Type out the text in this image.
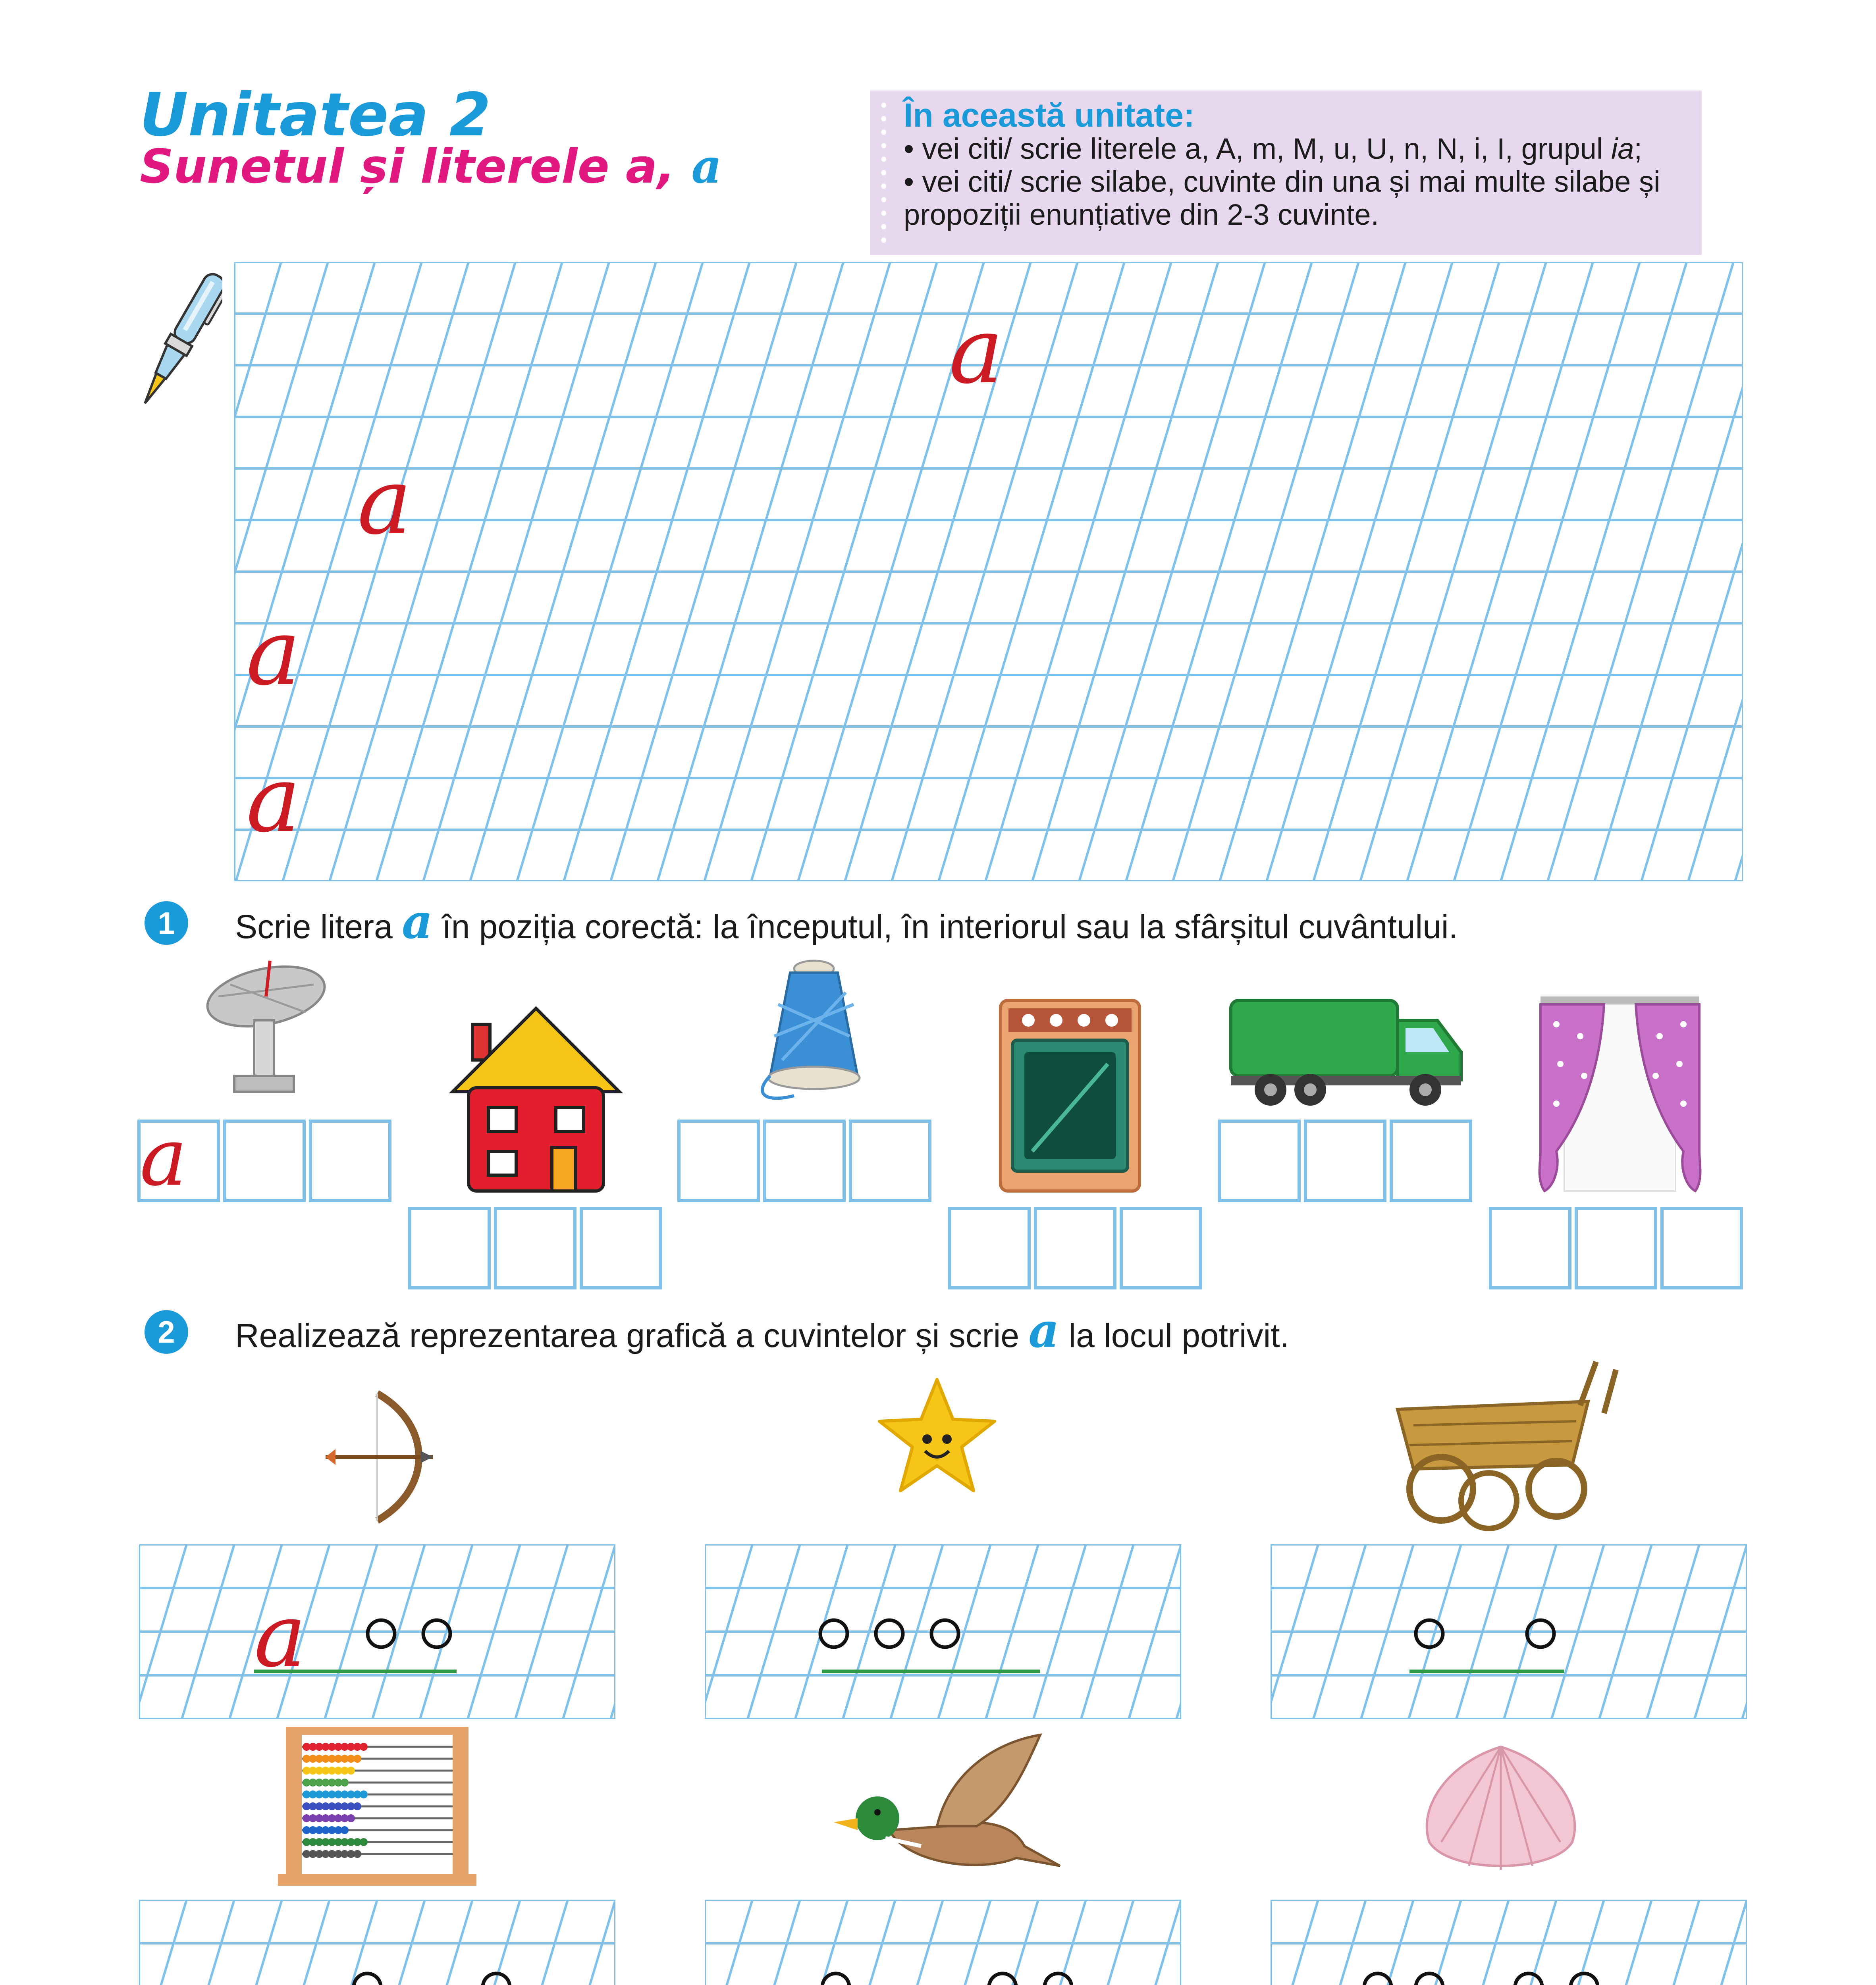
Unitatea 2
Sunetul și literele a, a
În această unitate:
• vei citi/ scrie literele a, A, m, M, u, U, n, N, i, I, grupul ia;
• vei citi/ scrie silabe, cuvinte din una și mai multe silabe și
propoziții enunțiative din 2-3 cuvinte.
a
a
a
a
1	Scrie litera a în poziția corectă: la începutul, în interiorul sau la sfârșitul cuvântului.
a
2	Realizează reprezentarea grafică a cuvintelor și scrie a la locul potrivit.
a
